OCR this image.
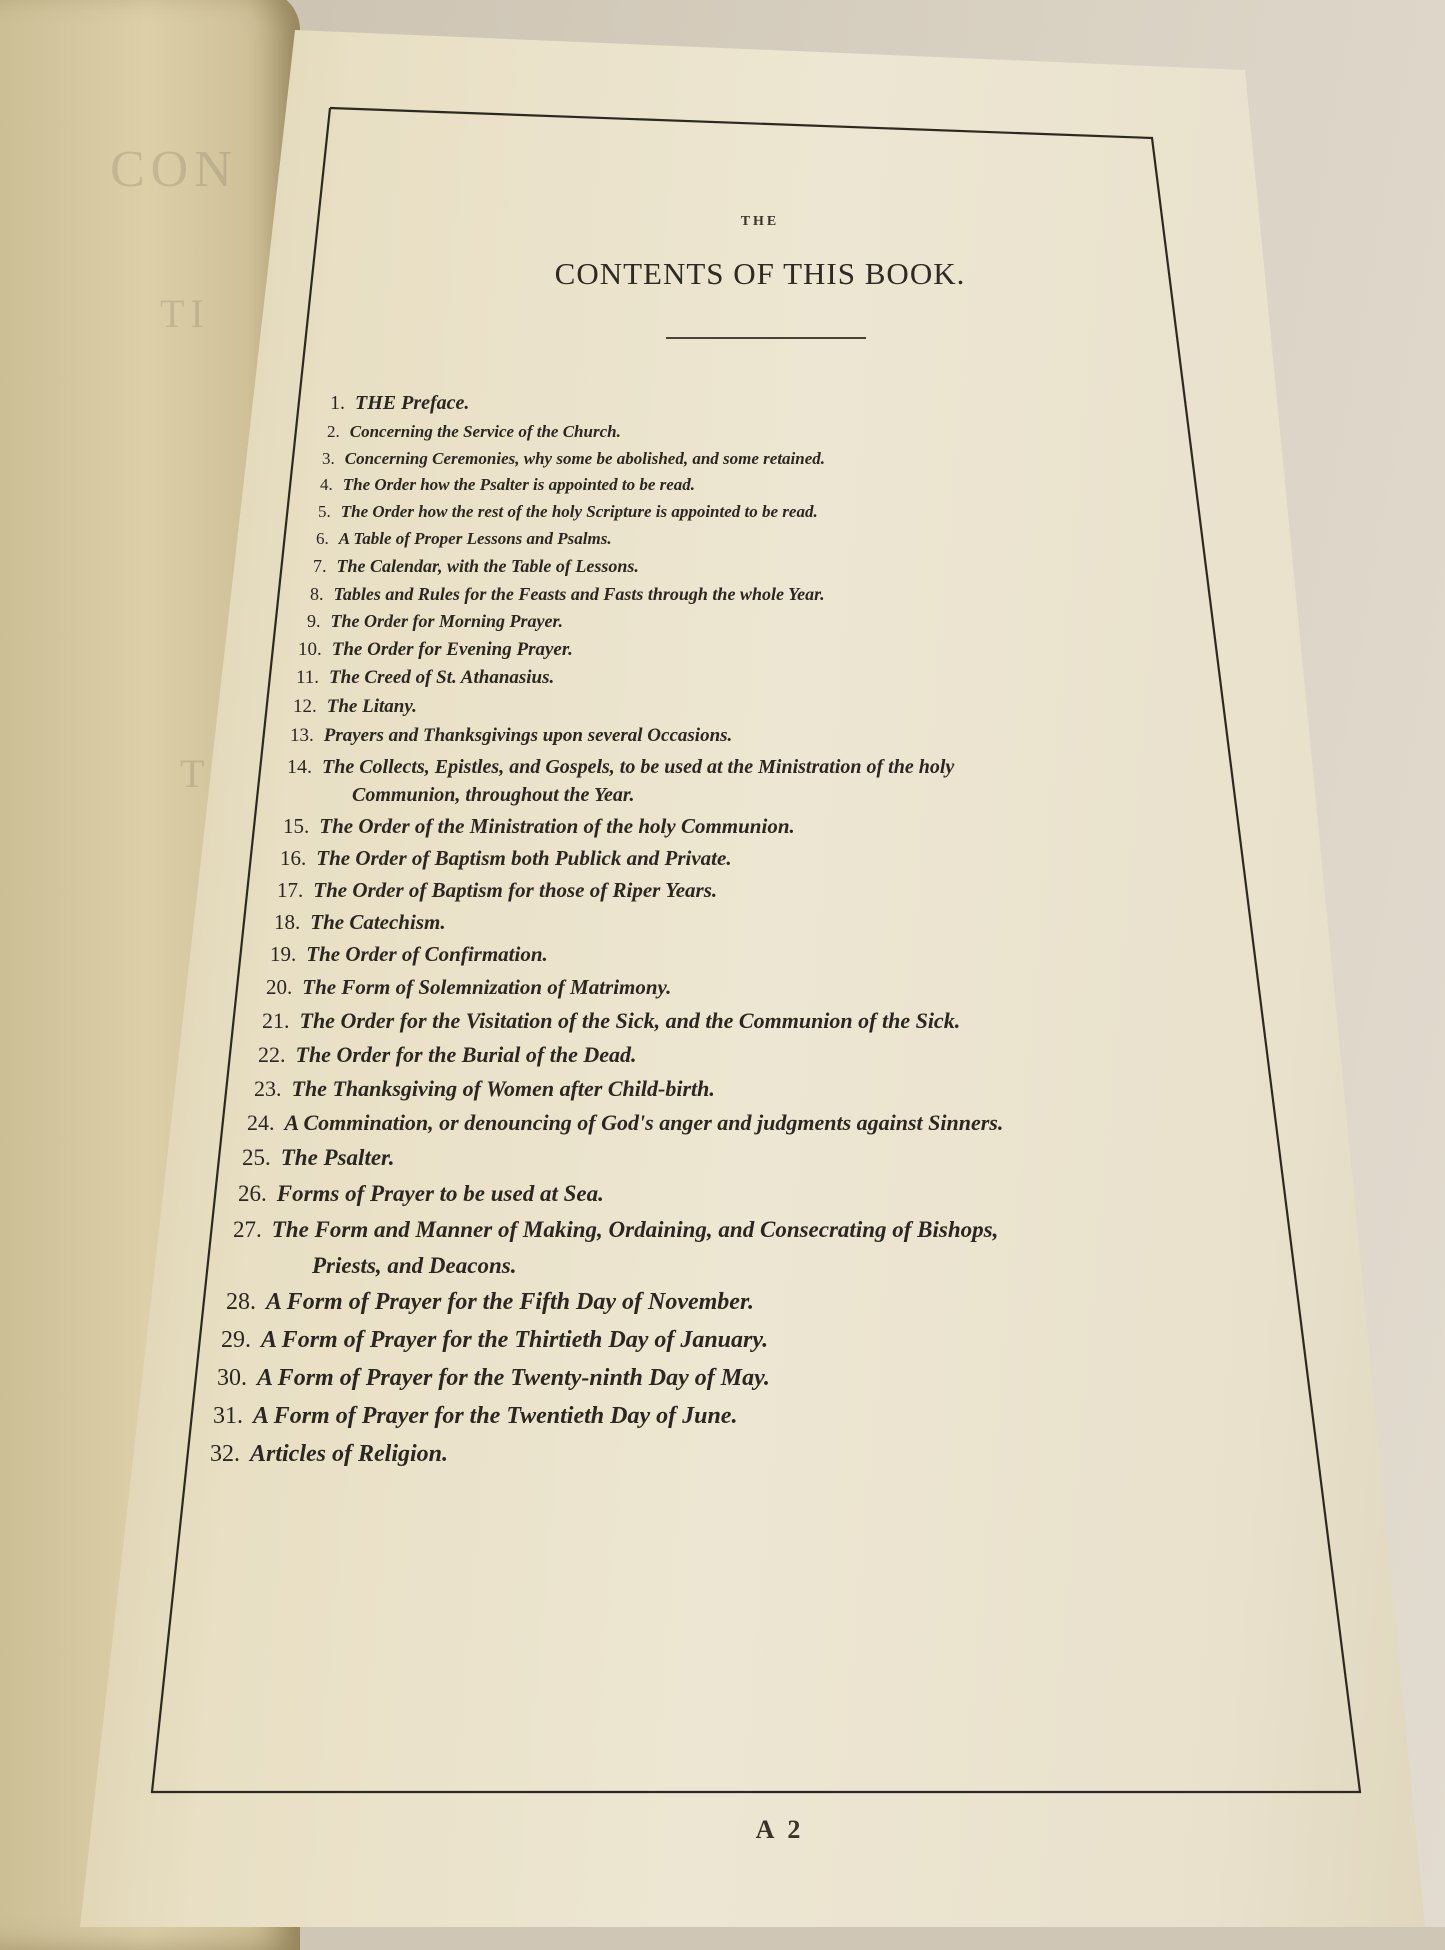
CON
TI
T
THE
CONTENTS OF THIS BOOK.
1. THE Preface.
2. Concerning the Service of the Church.
3. Concerning Ceremonies, why some be abolished, and some retained.
4. The Order how the Psalter is appointed to be read.
5. The Order how the rest of the holy Scripture is appointed to be read.
6. A Table of Proper Lessons and Psalms.
7. The Calendar, with the Table of Lessons.
8. Tables and Rules for the Feasts and Fasts through the whole Year.
9. The Order for Morning Prayer.
10. The Order for Evening Prayer.
11. The Creed of St. Athanasius.
12. The Litany.
13. Prayers and Thanksgivings upon several Occasions.
14. The Collects, Epistles, and Gospels, to be used at the Ministration of the holy
Communion, throughout the Year.
15. The Order of the Ministration of the holy Communion.
16. The Order of Baptism both Publick and Private.
17. The Order of Baptism for those of Riper Years.
18. The Catechism.
19. The Order of Confirmation.
20. The Form of Solemnization of Matrimony.
21. The Order for the Visitation of the Sick, and the Communion of the Sick.
22. The Order for the Burial of the Dead.
23. The Thanksgiving of Women after Child-birth.
24. A Commination, or denouncing of God's anger and judgments against Sinners.
25. The Psalter.
26. Forms of Prayer to be used at Sea.
27. The Form and Manner of Making, Ordaining, and Consecrating of Bishops,
Priests, and Deacons.
28. A Form of Prayer for the Fifth Day of November.
29. A Form of Prayer for the Thirtieth Day of January.
30. A Form of Prayer for the Twenty-ninth Day of May.
31. A Form of Prayer for the Twentieth Day of June.
32. Articles of Religion.
A 2
